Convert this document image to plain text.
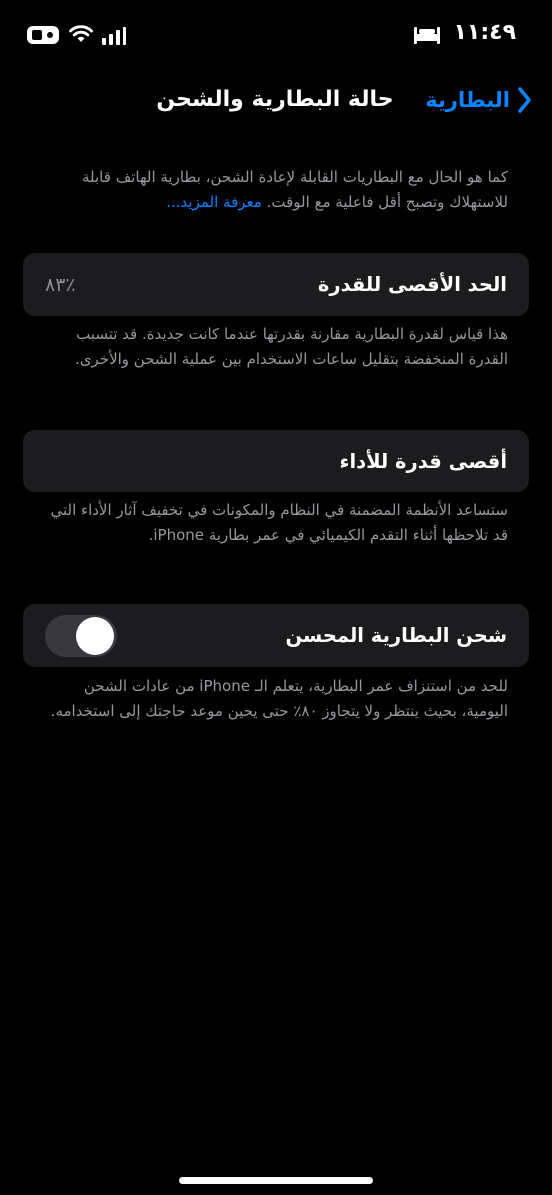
١١:٤٩
حالة البطارية والشحن	البطارية
كما هو الحال مع البطاريات القابلة لإعادة الشحن، بطارية الهاتف قابلة للاستهلاك وتصبح أقل فاعلية مع الوقت. معرفة المزيد...
الحد الأقصى للقدرة
٪٨٣
هذا قياس لقدرة البطارية مقارنة بقدرتها عندما كانت جديدة. قد تتسبب القدرة المنخفضة بتقليل ساعات الاستخدام بين عملية الشحن والأخرى.
أقصى قدرة للأداء
ستساعد الأنظمة المضمنة في النظام والمكونات في تخفيف آثار الأداء التي قد تلاحظها أثناء التقدم الكيميائي في عمر بطارية iPhone.
شحن البطارية المحسن
للحد من استنزاف عمر البطارية، يتعلم الـ iPhone من عادات الشحن اليومية، بحيث ينتظر ولا يتجاوز ٨٠٪ حتى يحين موعد حاجتك إلى استخدامه.
